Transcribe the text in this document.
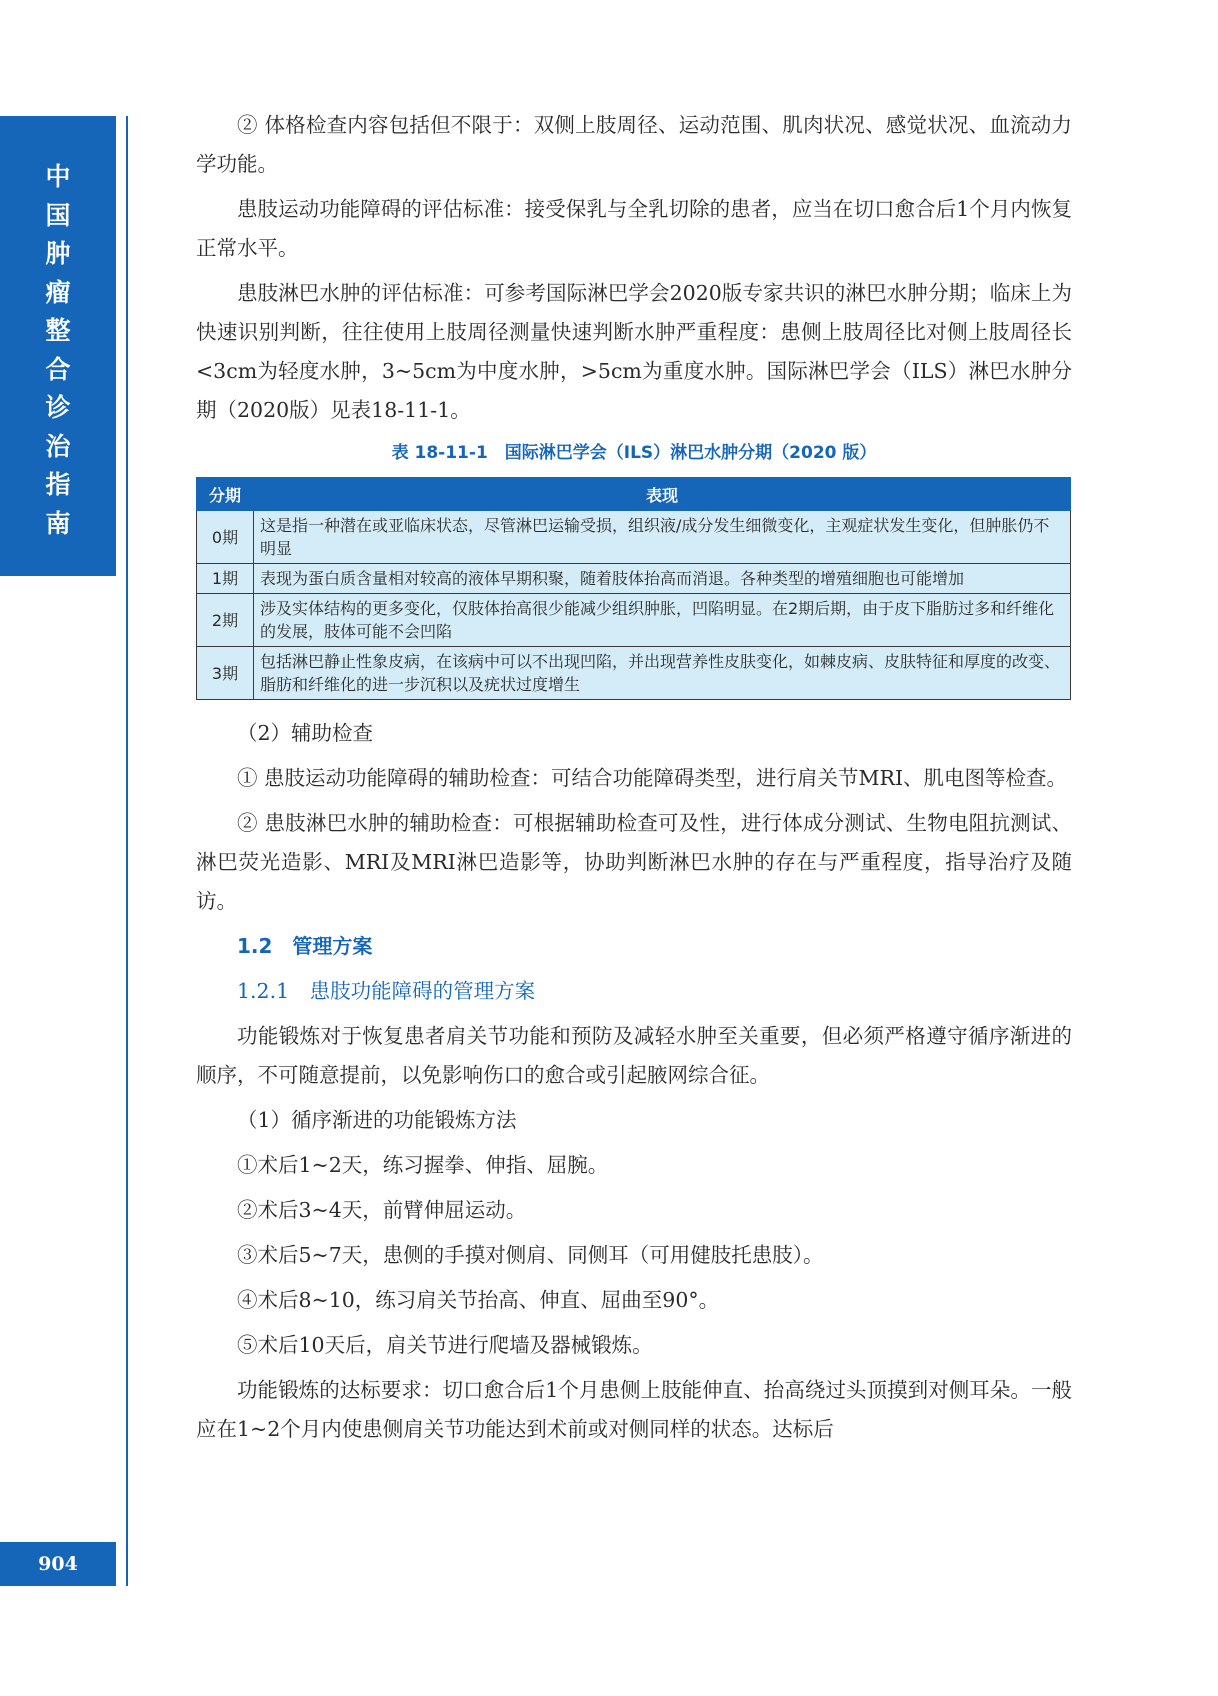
中
国
肿
瘤
整
合
诊
治
指
南
904

② 体格检查内容包括但不限于：双侧上肢周径、运动范围、肌肉状况、感觉状况、血流动力学功能。

患肢运动功能障碍的评估标准：接受保乳与全乳切除的患者，应当在切口愈合后1个月内恢复正常水平。

患肢淋巴水肿的评估标准：可参考国际淋巴学会2020版专家共识的淋巴水肿分期；临床上为快速识别判断，往往使用上肢周径测量快速判断水肿严重程度：患侧上肢周径比对侧上肢周径长<3cm为轻度水肿，3~5cm为中度水肿，>5cm为重度水肿。国际淋巴学会（ILS）淋巴水肿分期（2020版）见表18-11-1。

表 18-11-1　国际淋巴学会（ILS）淋巴水肿分期（2020 版）
分期	表现
0期	这是指一种潜在或亚临床状态，尽管淋巴运输受损，组织液/成分发生细微变化，主观症状发生变化，但肿胀仍不明显
1期	表现为蛋白质含量相对较高的液体早期积聚，随着肢体抬高而消退。各种类型的增殖细胞也可能增加
2期	涉及实体结构的更多变化，仅肢体抬高很少能减少组织肿胀，凹陷明显。在2期后期，由于皮下脂肪过多和纤维化的发展，肢体可能不会凹陷
3期	包括淋巴静止性象皮病，在该病中可以不出现凹陷，并出现营养性皮肤变化，如棘皮病、皮肤特征和厚度的改变、脂肪和纤维化的进一步沉积以及疣状过度增生

（2）辅助检查

① 患肢运动功能障碍的辅助检查：可结合功能障碍类型，进行肩关节MRI、肌电图等检查。

② 患肢淋巴水肿的辅助检查：可根据辅助检查可及性，进行体成分测试、生物电阻抗测试、淋巴荧光造影、MRI及MRI淋巴造影等，协助判断淋巴水肿的存在与严重程度，指导治疗及随访。

1.2　管理方案
1.2.1　患肢功能障碍的管理方案

功能锻炼对于恢复患者肩关节功能和预防及减轻水肿至关重要，但必须严格遵守循序渐进的顺序，不可随意提前，以免影响伤口的愈合或引起腋网综合征。

（1）循序渐进的功能锻炼方法

①术后1~2天，练习握拳、伸指、屈腕。

②术后3~4天，前臂伸屈运动。

③术后5~7天，患侧的手摸对侧肩、同侧耳（可用健肢托患肢）。

④术后8~10，练习肩关节抬高、伸直、屈曲至90°。

⑤术后10天后，肩关节进行爬墙及器械锻炼。

功能锻炼的达标要求：切口愈合后1个月患侧上肢能伸直、抬高绕过头顶摸到对侧耳朵。一般应在1~2个月内使患侧肩关节功能达到术前或对侧同样的状态。达标后
